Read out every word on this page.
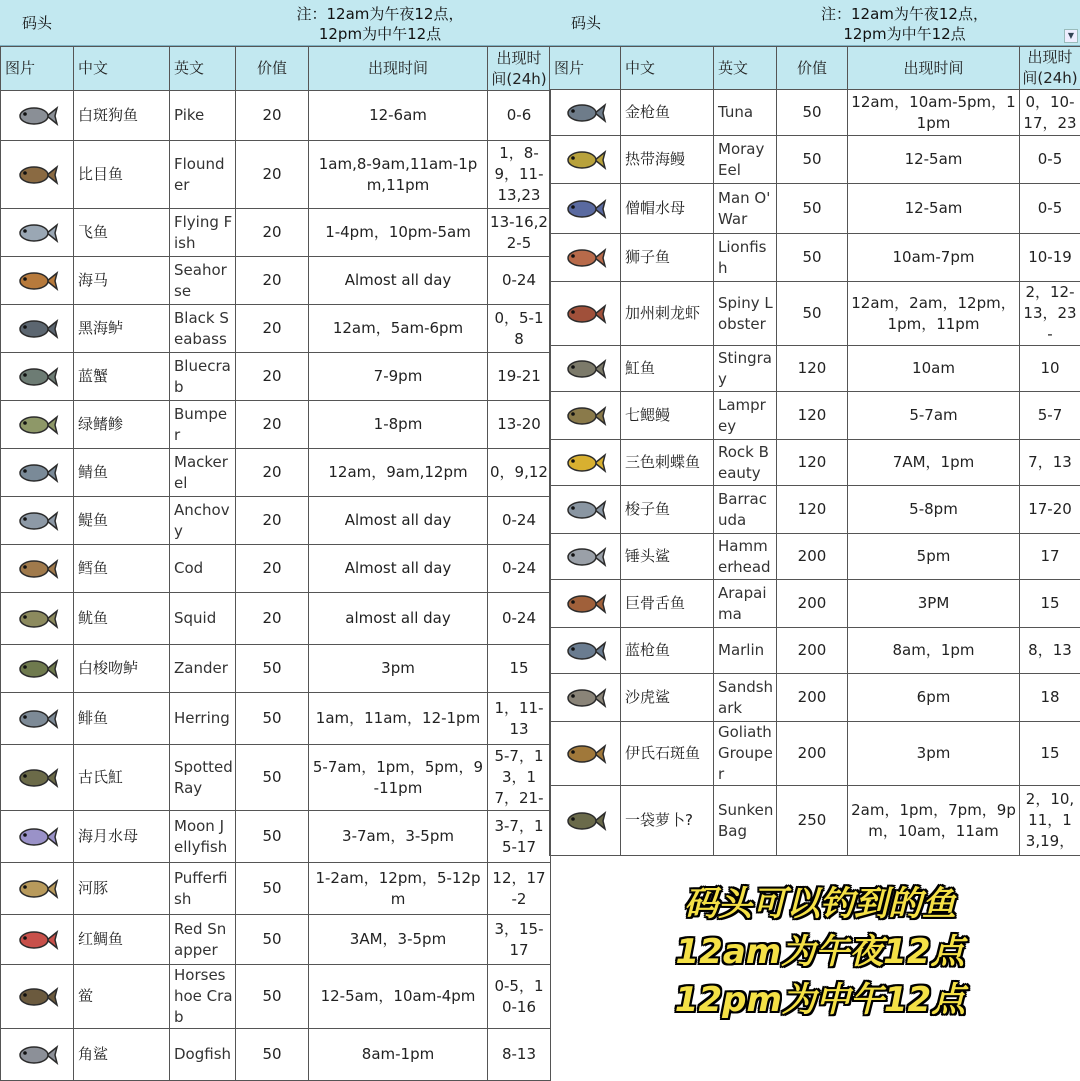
码头	注：12am为午夜12点，
12pm为中午12点
图片	中文	英文	价值	出现时间	出现时间(24h)

	白斑狗鱼	Pike	20	12-6am	0-6

	比目鱼	Flounder	20	1am,8-9am,11am-1pm,11pm	1，8-9，11-13,23

	飞鱼	Flying Fish	20	1-4pm，10pm-5am	13-16,22-5

	海马	Seahorse	20	Almost all day	0-24

	黑海鲈	Black Seabass	20	12am，5am-6pm	0，5-18

	蓝蟹	Bluecrab	20	7-9pm	19-21

	绿鳍鲹	Bumper	20	1-8pm	13-20

	鲭鱼	Mackerel	20	12am，9am,12pm	0，9,12

	鳀鱼	Anchovy	20	Almost all day	0-24

	鳕鱼	Cod	20	Almost all day	0-24

	鱿鱼	Squid	20	almost all day	0-24

	白梭吻鲈	Zander	50	3pm	15

	鲱鱼	Herring	50	1am，11am，12-1pm	1，11-13

	古氏魟	Spotted Ray	50	5-7am，1pm，5pm，9-11pm	5-7，13，17，21-

	海月水母	Moon Jellyfish	50	3-7am，3-5pm	3-7，15-17

	河豚	Pufferfish	50	1-2am，12pm，5-12pm	12，17-2

	红鲷鱼	Red Snapper	50	3AM，3-5pm	3，15-17

	鲎	Horseshoe Crab	50	12-5am，10am-4pm	0-5，10-16

	角鲨	Dogfish	50	8am-1pm	8-13
码头	注：12am为午夜12点，
12pm为中午12点	▼
图片	中文	英文	价值	出现时间	出现时间(24h)

	金枪鱼	Tuna	50	12am，10am-5pm，11pm	0，10-17，23

	热带海鳗	Moray Eel	50	12-5am	0-5

	僧帽水母	Man O' War	50	12-5am	0-5

	狮子鱼	Lionfish	50	10am-7pm	10-19

	加州刺龙虾	Spiny Lobster	50	12am，2am，12pm，1pm，11pm	2，12-13，23-

	魟鱼	Stingray	120	10am	10

	七鳃鳗	Lamprey	120	5-7am	5-7

	三色刺蝶鱼	Rock Beauty	120	7AM，1pm	7，13

	梭子鱼	Barracuda	120	5-8pm	17-20

	锤头鲨	Hammerhead	200	5pm	17

	巨骨舌鱼	Arapaima	200	3PM	15

	蓝枪鱼	Marlin	200	8am，1pm	8，13

	沙虎鲨	Sandshark	200	6pm	18

	伊氏石斑鱼	Goliath Grouper	200	3pm	15

	一袋萝卜?	Sunken Bag	250	2am，1pm，7pm，9pm，10am，11am	2，10,11，13,19，
码头可以钓到的鱼
12am为午夜12点
12pm为中午12点
